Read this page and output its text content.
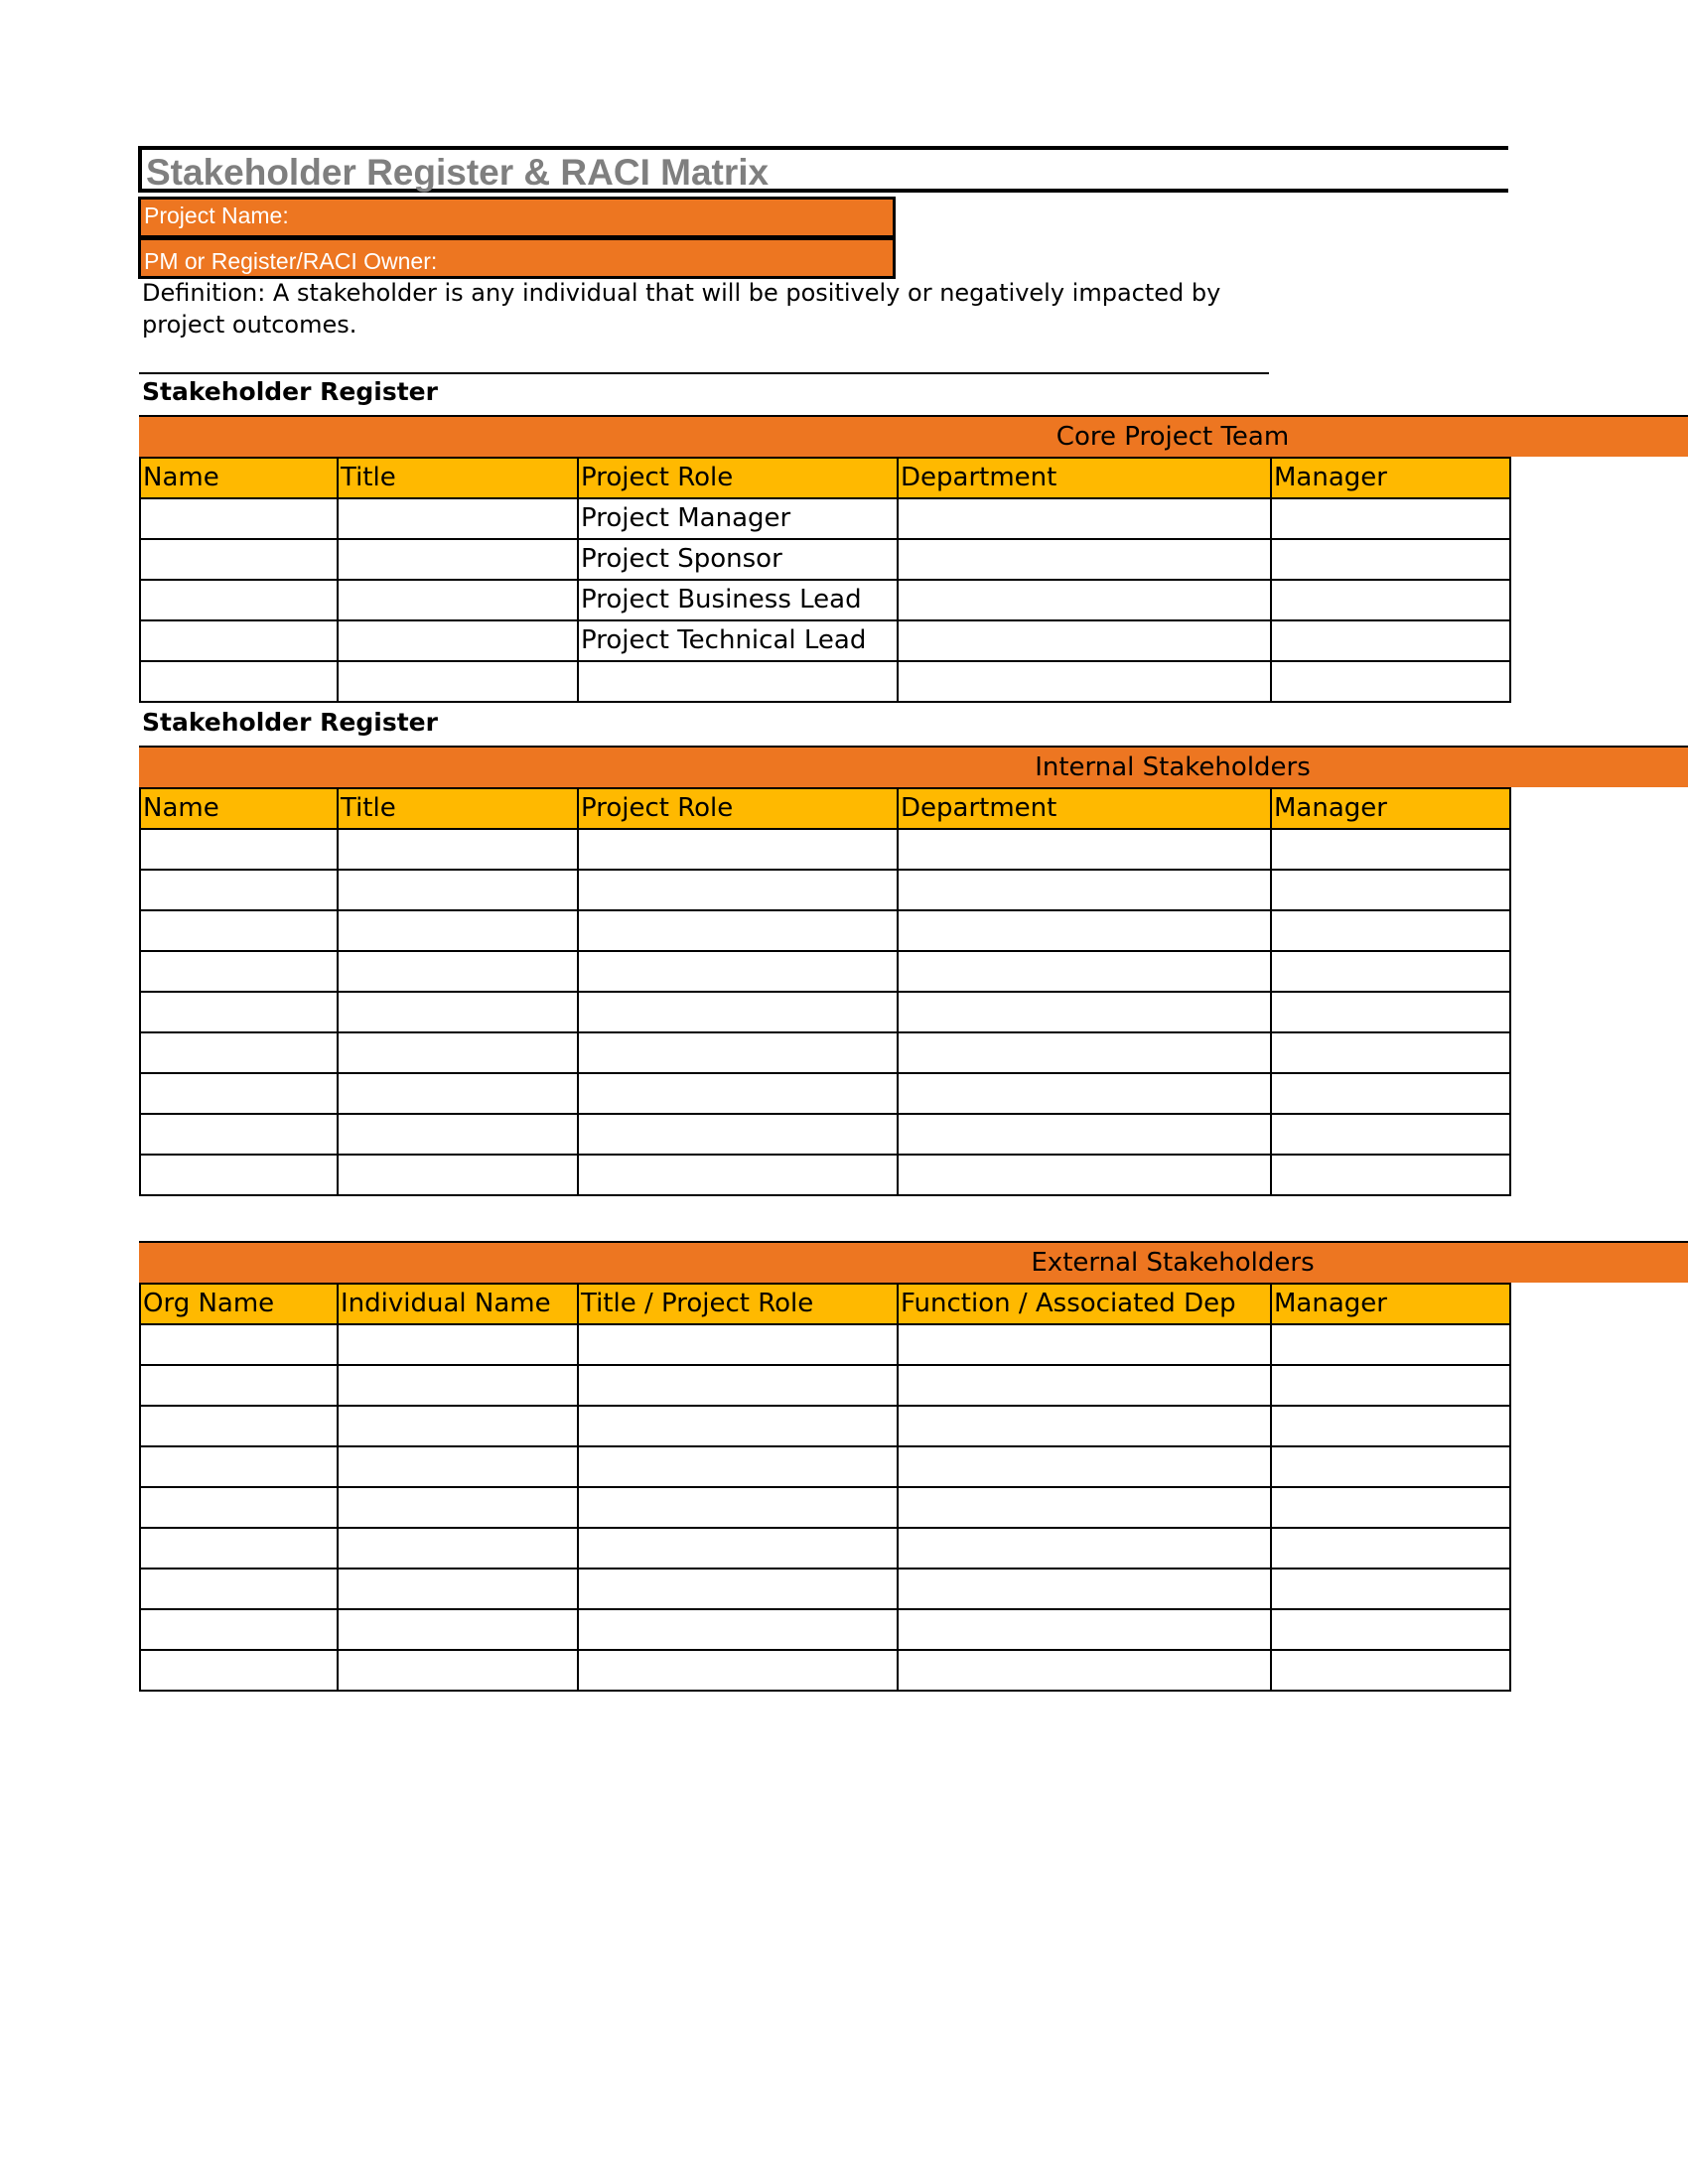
Stakeholder Register & RACI Matrix
Project Name:
PM or Register/RACI Owner:
Definition: A stakeholder is any individual that will be positively or negatively impacted by project outcomes.
Stakeholder Register
Core Project Team
Name	Title	Project Role	Department	Manager
		Project Manager		
		Project Sponsor		
		Project Business Lead		
		Project Technical Lead		

Stakeholder Register
Internal Stakeholders
Name	Title	Project Role	Department	Manager

External Stakeholders
Org Name	Individual Name	Title / Project Role	Function / Associated Dep	Manager
